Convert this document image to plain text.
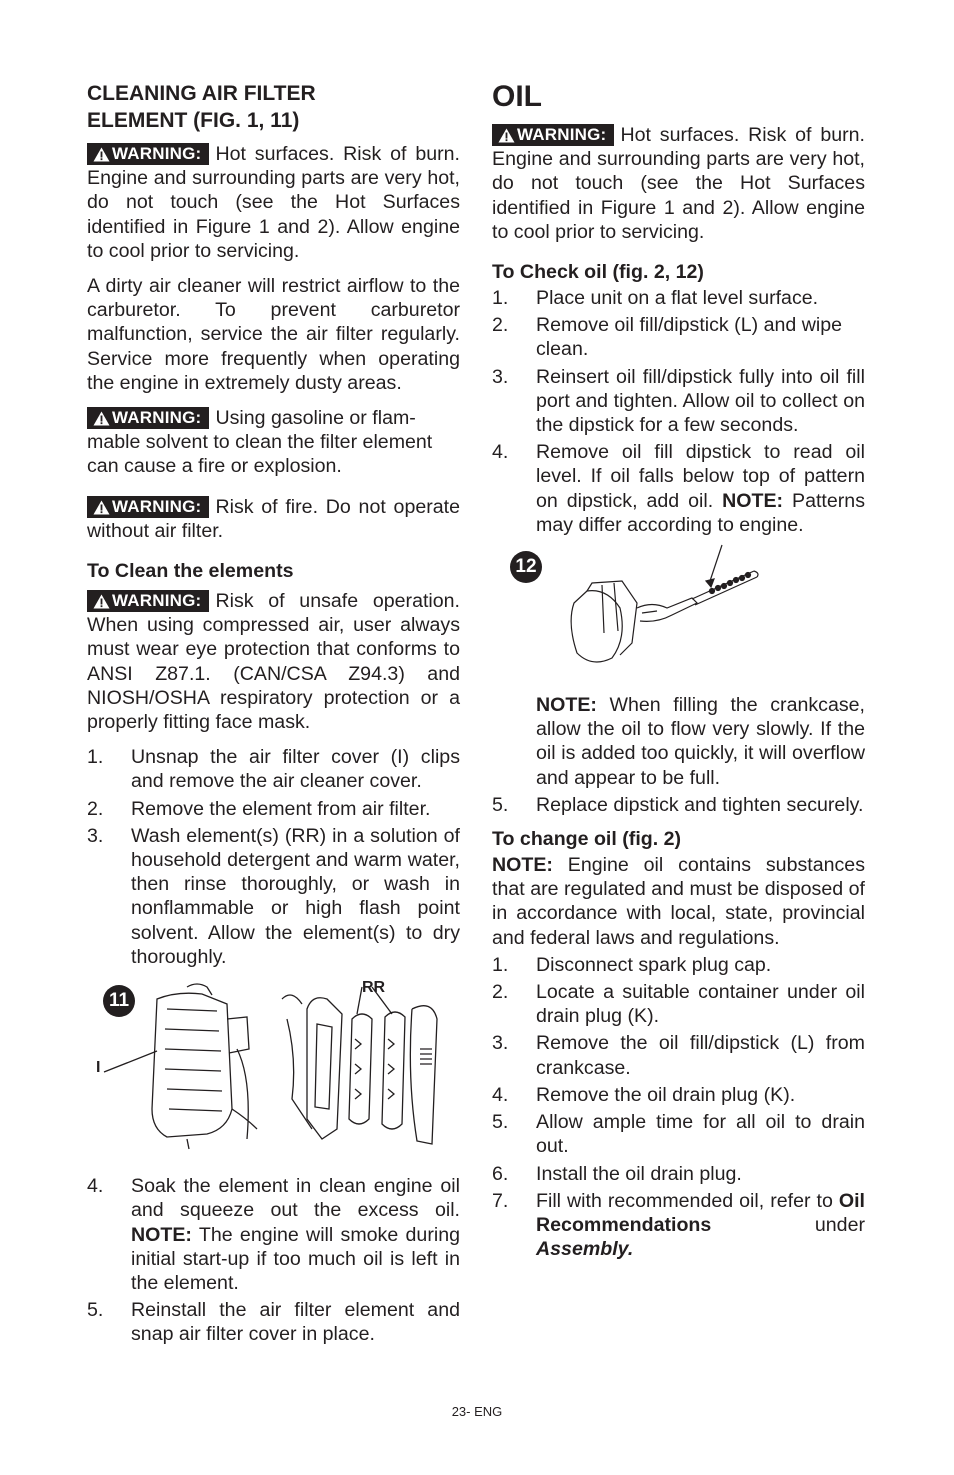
CLEANING AIR FILTER ELEMENT (FIG. 1, 11)

WARNING: Hot surfaces. Risk of burn. Engine and surrounding parts are very hot, do not touch (see the Hot Surfaces identified in Figure 1 and 2). Allow engine to cool prior to servicing.

A dirty air cleaner will restrict airflow to the carburetor. To prevent carburetor malfunction, service the air filter regularly. Service more frequently when operating the engine in extremely dusty areas.

WARNING: Using gasoline or flam-mable solvent to clean the filter element can cause a fire or explosion.

WARNING: Risk of fire. Do not operate without air filter.

To Clean the elements

WARNING: Risk of unsafe operation. When using compressed air, user always must wear eye protection that conforms to ANSI Z87.1. (CAN/CSA Z94.3) and NIOSH/OSHA respiratory protection or a properly fitting face mask.

1. Unsnap the air filter cover (I) clips and remove the air cleaner cover.
2. Remove the element from air filter.
3. Wash element(s) (RR) in a solution of household detergent and warm water, then rinse thoroughly, or wash in nonflammable or high flash point solvent. Allow the element(s) to dry thoroughly.
11
I
RR
4. Soak the element in clean engine oil and squeeze out the excess oil. NOTE: The engine will smoke during initial start-up if too much oil is left in the element.
5. Reinstall the air filter element and snap air filter cover in place.
OIL

WARNING: Hot surfaces. Risk of burn. Engine and surrounding parts are very hot, do not touch (see the Hot Surfaces identified in Figure 1 and 2). Allow engine to cool prior to servicing.

To Check oil (fig. 2, 12)
1. Place unit on a flat level surface.
2. Remove oil fill/dipstick (L) and wipe clean.
3. Reinsert oil fill/dipstick fully into oil fill port and tighten. Allow oil to collect on the dipstick for a few seconds.
4. Remove oil fill dipstick to read oil level. If oil falls below top of pattern on dipstick, add oil. NOTE: Patterns may differ according to engine.
12

NOTE: When filling the crankcase, allow the oil to flow very slowly. If the oil is added too quickly, it will overflow and appear to be full.

5. Replace dipstick and tighten securely.
To change oil (fig. 2)

NOTE: Engine oil contains substances that are regulated and must be disposed of in accordance with local, state, provincial and federal laws and regulations.

1. Disconnect spark plug cap.
2. Locate a suitable container under oil drain plug (K).
3. Remove the oil fill/dipstick (L) from crankcase.
4. Remove the oil drain plug (K).
5. Allow ample time for all oil to drain out.
6. Install the oil drain plug.
7. Fill with recommended oil, refer to Oil Recommendations	under Assembly.
23- ENG
